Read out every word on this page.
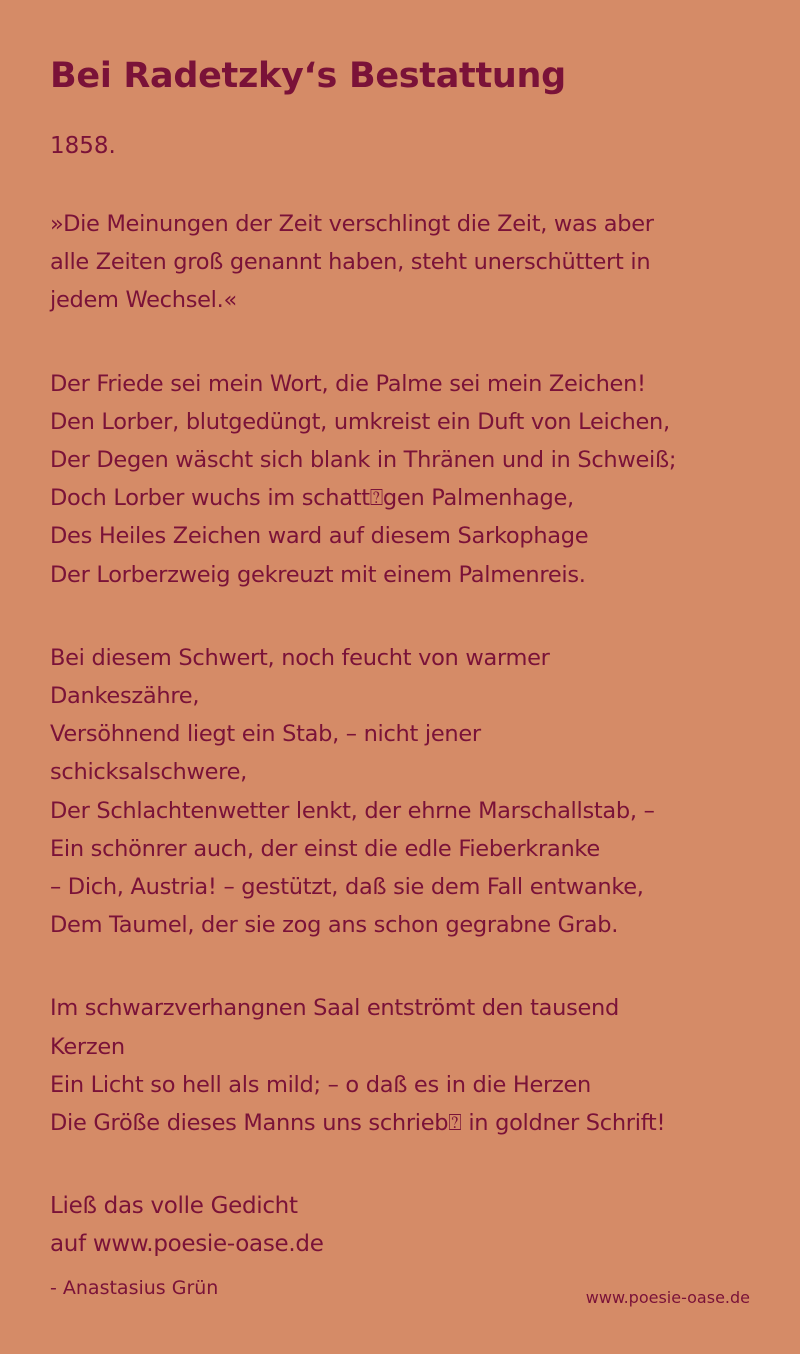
Bei Radetzky‘s Bestattung
1858.
»Die Meinungen der Zeit verschlingt die Zeit, was aber
alle Zeiten groß genannt haben, steht unerschüttert in
jedem Wechsel.«
Der Friede sei mein Wort, die Palme sei mein Zeichen!
Den Lorber, blutgedüngt, umkreist ein Duft von Leichen,
Der Degen wäscht sich blank in Thränen und in Schweiß;
Doch Lorber wuchs im schatt⍰gen Palmenhage,
Des Heiles Zeichen ward auf diesem Sarkophage
Der Lorberzweig gekreuzt mit einem Palmenreis.
Bei diesem Schwert, noch feucht von warmer
Dankeszähre,
Versöhnend liegt ein Stab, – nicht jener
schicksalschwere,
Der Schlachtenwetter lenkt, der ehrne Marschallstab, –
Ein schönrer auch, der einst die edle Fieberkranke
– Dich, Austria! – gestützt, daß sie dem Fall entwanke,
Dem Taumel, der sie zog ans schon gegrabne Grab.
Im schwarzverhangnen Saal entströmt den tausend
Kerzen
Ein Licht so hell als mild; – o daß es in die Herzen
Die Größe dieses Manns uns schrieb⍰ in goldner Schrift!
Ließ das volle Gedicht
auf www.poesie-oase.de
- Anastasius Grün	www.poesie-oase.de
